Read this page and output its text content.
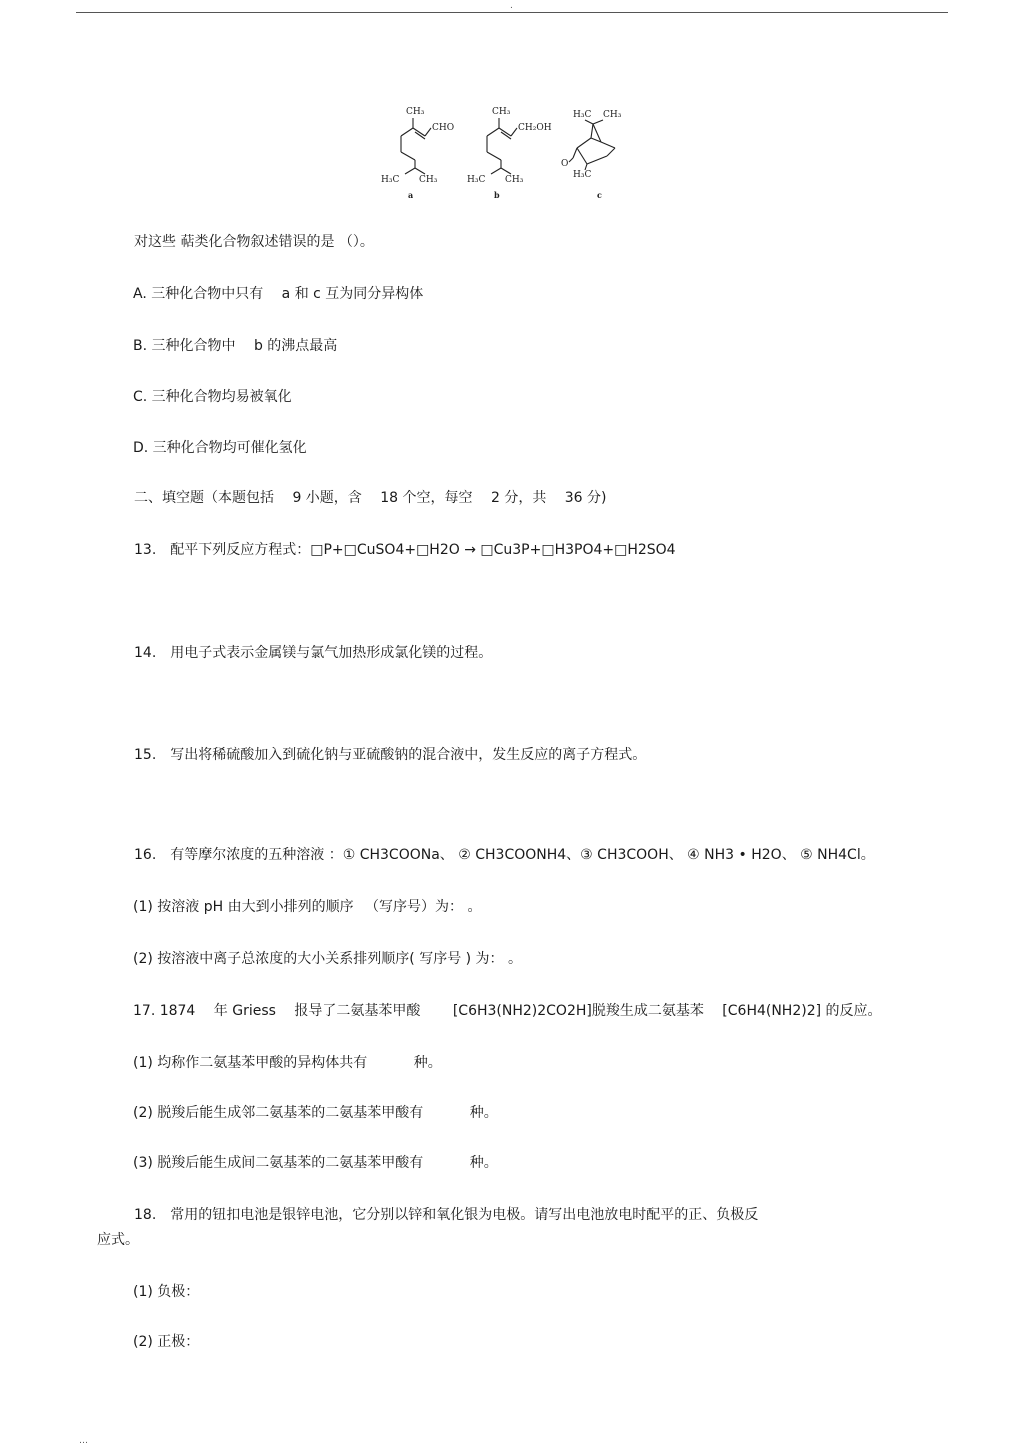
.
CH₃
CHO
H₃C CH₃
a
CH₃
CH₂OH
H₃C CH₃
b
H₃C CH₃
O
H₃C
c
对这些 萜类化合物叙述错误的是 （）。
A. 三种化合物中只有 　a 和 c 互为同分异构体
B. 三种化合物中 　b 的沸点最高
C. 三种化合物均易被氧化
D. 三种化合物均可催化氢化
二、填空题（本题包括 　9 小题，含 　18 个空，每空 　2 分，共 　36 分)
13.　配平下列反应方程式：□P+□CuSO4+□H2O → □Cu3P+□H3PO4+□H2SO4
14.　用电子式表示金属镁与氯气加热形成氯化镁的过程。
15.　写出将稀硫酸加入到硫化钠与亚硫酸钠的混合液中，发生反应的离子方程式。
16.　有等摩尔浓度的五种溶液 ：① CH3COONa、 ② CH3COONH4、③ CH3COOH、 ④ NH3 • H2O、 ⑤ NH4Cl。
(1) 按溶液 pH 由大到小排列的顺序 　（写序号）为： 。
(2) 按溶液中离子总浓度的大小关系排列顺序( 写序号 ) 为： 。
17. 1874 　年 Griess 　报导了二氨基苯甲酸 　　[C6H3(NH2)2CO2H]脱羧生成二氨基苯 　[C6H4(NH2)2] 的反应。
(1) 均称作二氨基苯甲酸的异构体共有 　　　种。
(2) 脱羧后能生成邻二氨基苯的二氨基苯甲酸有 　　　种。
(3) 脱羧后能生成间二氨基苯的二氨基苯甲酸有 　　　种。
18.　常用的钮扣电池是银锌电池，它分别以锌和氧化银为电极。请写出电池放电时配平的正、负极反
应式。
(1) 负极：
(2) 正极：
…
